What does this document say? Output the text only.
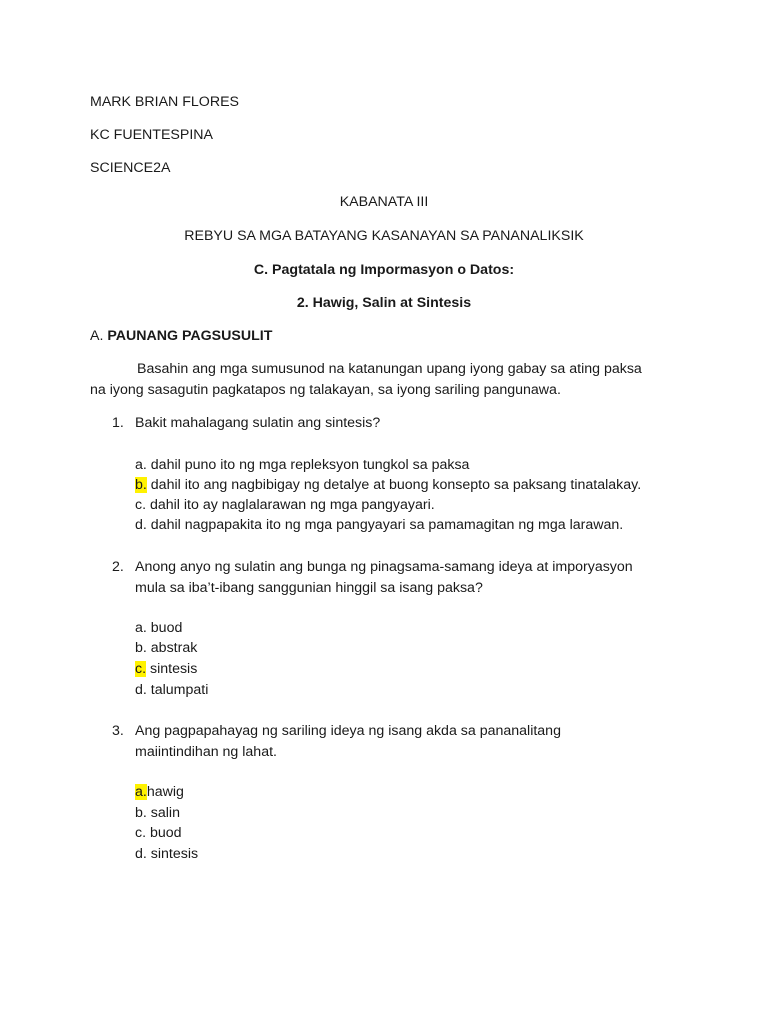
MARK BRIAN FLORES
KC FUENTESPINA
SCIENCE2A
KABANATA III
REBYU SA MGA BATAYANG KASANAYAN SA PANANALIKSIK
C. Pagtatala ng Impormasyon o Datos:
2. Hawig, Salin at Sintesis
A. PAUNANG PAGSUSULIT
Basahin ang mga sumusunod na katanungan upang iyong gabay sa ating paksa
na iyong sasagutin pagkatapos ng talakayan, sa iyong sariling pangunawa.
1. Bakit mahalagang sulatin ang sintesis?
a. dahil puno ito ng mga repleksyon tungkol sa paksa
b. dahil ito ang nagbibigay ng detalye at buong konsepto sa paksang tinatalakay.
c. dahil ito ay naglalarawan ng mga pangyayari.
d. dahil nagpapakita ito ng mga pangyayari sa pamamagitan ng mga larawan.
2. Anong anyo ng sulatin ang bunga ng pinagsama-samang ideya at imporyasyon
mula sa iba’t-ibang sanggunian hinggil sa isang paksa?
a. buod
b. abstrak
c. sintesis
d. talumpati
3. Ang pagpapahayag ng sariling ideya ng isang akda sa pananalitang
maiintindihan ng lahat.
a.hawig
b. salin
c. buod
d. sintesis
